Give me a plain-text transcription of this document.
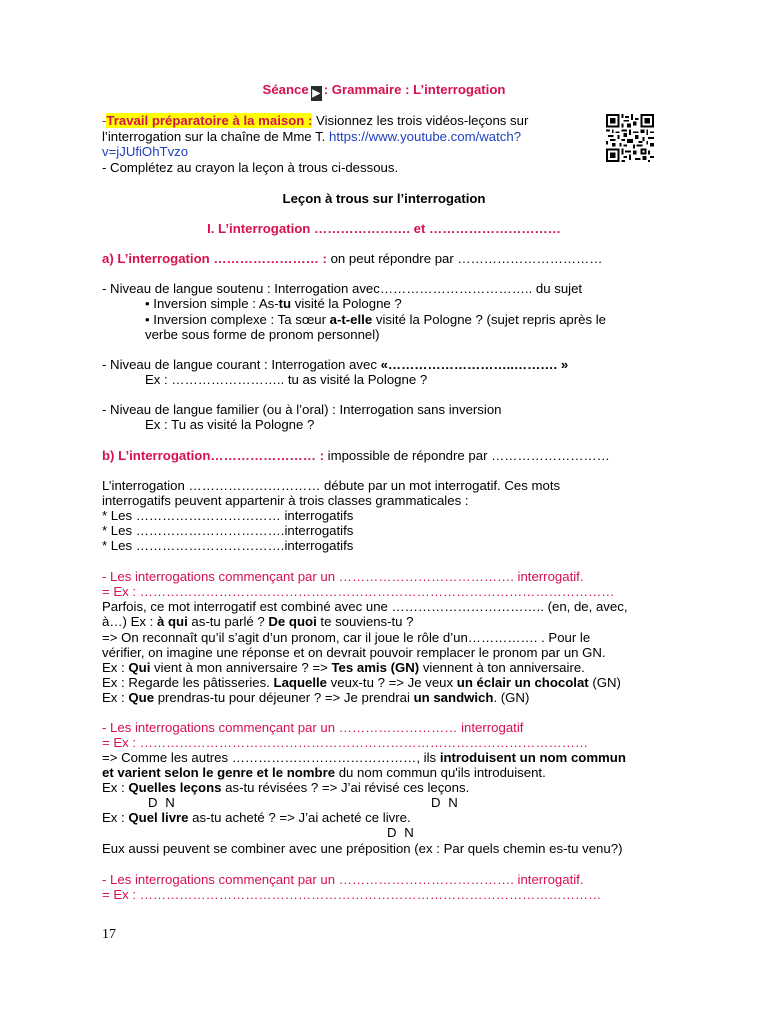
Séance ▶ : Grammaire : L’interrogation
-Travail préparatoire à la maison : Visionnez les trois vidéos-leçons sur
l’interrogation sur la chaîne de Mme T. https://www.youtube.com/watch?
v=jJUfiOhTvzo
- Complétez au crayon la leçon à trous ci-dessous.
Leçon à trous sur l’interrogation
I. L’interrogation …………………. et …………………………
a) L’interrogation …………………… : on peut répondre par ……………………………
- Niveau de langue soutenu : Interrogation avec…………………………….. du sujet
• Inversion simple : As-tu visité la Pologne ?
• Inversion complexe : Ta sœur a-t-elle visité la Pologne ? (sujet repris après le
verbe sous forme de pronom personnel)
- Niveau de langue courant : Interrogation avec «………………………..………. »
Ex : …………………….. tu as visité la Pologne ?
- Niveau de langue familier (ou à l’oral) : Interrogation sans inversion
Ex : Tu as visité la Pologne ?
b) L’interrogation…………………… : impossible de répondre par ………………………
L’interrogation ………………………… débute par un mot interrogatif. Ces mots
interrogatifs peuvent appartenir à trois classes grammaticales :
* Les …………………………… interrogatifs
* Les …………………………….interrogatifs
* Les …………………………….interrogatifs
- Les interrogations commençant par un …………………………………. interrogatif.
= Ex : ………………………………………………………………………………………………
Parfois, ce mot interrogatif est combiné avec une …………………………….. (en, de, avec,
à…) Ex : à qui as-tu parlé ? De quoi te souviens-tu ?
=> On reconnaît qu’il s’agit d’un pronom, car il joue le rôle d’un……………. . Pour le
vérifier, on imagine une réponse et on devrait pouvoir remplacer le pronom par un GN.
Ex : Qui vient à mon anniversaire ? => Tes amis (GN) viennent à ton anniversaire.
Ex : Regarde les pâtisseries. Laquelle veux-tu ? => Je veux un éclair un chocolat (GN)
Ex : Que prendras-tu pour déjeuner ? => Je prendrai un sandwich. (GN)
- Les interrogations commençant par un ……………………… interrogatif
= Ex : …………………………………………………………………………………………
=> Comme les autres ……………………………………, ils introduisent un nom commun
et varient selon le genre et le nombre du nom commun qu'ils introduisent.
Ex : Quelles leçons as-tu révisées ? => J’ai révisé ces leçons.
D N	D N
Ex : Quel livre as-tu acheté ? => J’ai acheté ce livre.
D N
Eux aussi peuvent se combiner avec une préposition (ex : Par quels chemin es-tu venu?)
- Les interrogations commençant par un …………………………………. interrogatif.
= Ex : ……………………………………………………………………………………………
17
